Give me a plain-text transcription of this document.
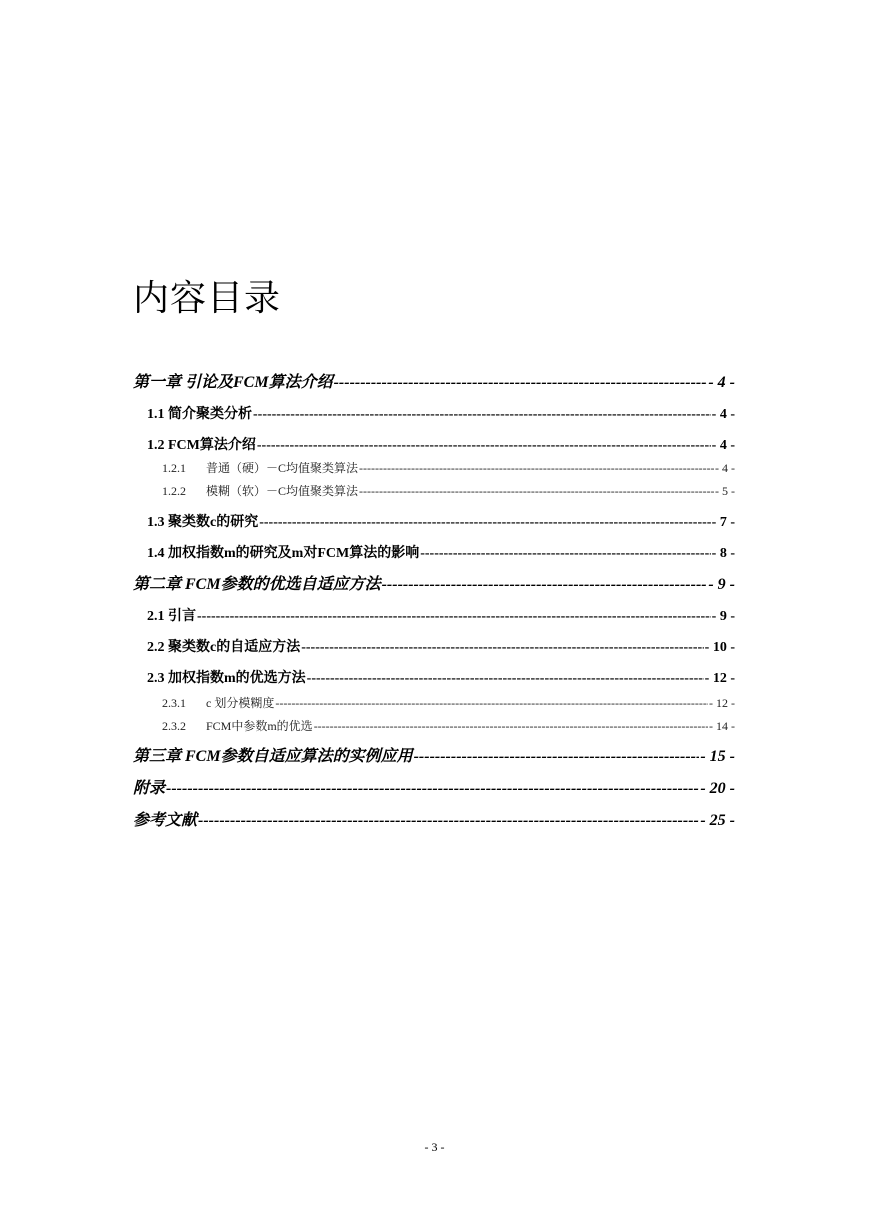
内容目录
第一章 引论及FCM算法介绍 -----	- 4 -
1.1 简介聚类分析 -----	- 4 -
1.2 FCM算法介绍 -----	- 4 -
1.2.1 普通（硬）－C均值聚类算法 -----	- 4 -
1.2.2 模糊（软）－C均值聚类算法 -----	- 5 -
1.3 聚类数c的研究 -----	- 7 -
1.4 加权指数m的研究及m对FCM算法的影响 -----	- 8 -
第二章 FCM参数的优选自适应方法 -----	- 9 -
2.1 引言 -----	- 9 -
2.2 聚类数c的自适应方法 -----	- 10 -
2.3 加权指数m的优选方法 -----	- 12 -
2.3.1 c 划分模糊度 -----	- 12 -
2.3.2 FCM中参数m的优选 -----	- 14 -
第三章 FCM参数自适应算法的实例应用 -----	- 15 -
附录 -----	- 20 -
参考文献 -----	- 25 -
- 3 -
